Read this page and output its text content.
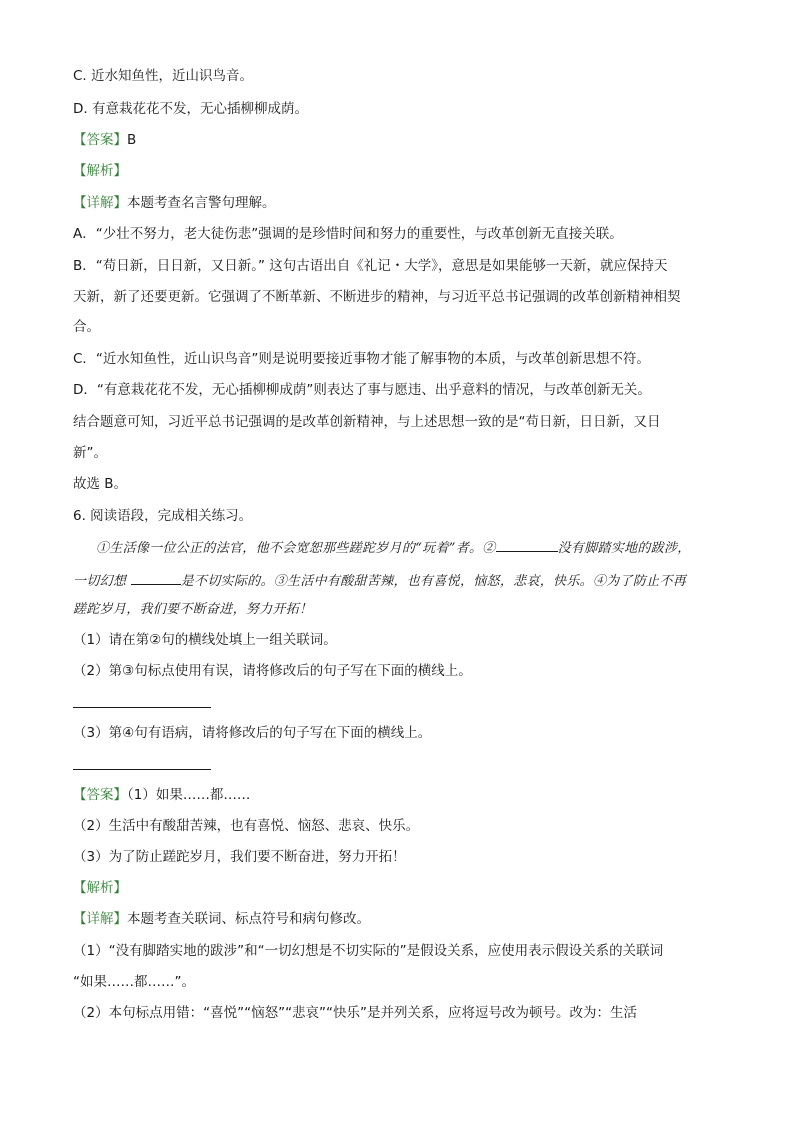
C. 近水知鱼性，近山识鸟音。
D. 有意栽花花不发，无心插柳柳成荫。
【答案】B
【解析】
【详解】本题考查名言警句理解。
A．“少壮不努力，老大徒伤悲”强调的是珍惜时间和努力的重要性，与改革创新无直接关联。
B．“苟日新，日日新，又日新。” 这句古语出自《礼记・大学》，意思是如果能够一天新，就应保持天
天新，新了还要更新。它强调了不断革新、不断进步的精神，与习近平总书记强调的改革创新精神相契
合。
C．“近水知鱼性，近山识鸟音”则是说明要接近事物才能了解事物的本质，与改革创新思想不符。
D．“有意栽花花不发，无心插柳柳成荫”则表达了事与愿违、出乎意料的情况，与改革创新无关。
结合题意可知，习近平总书记强调的是改革创新精神，与上述思想一致的是“苟日新，日日新，又日
新”。
故选 B。
6. 阅读语段，完成相关练习。
①生活像一位公正的法官，他不会宽恕那些蹉跎岁月的“玩着”者。②	没有脚踏实地的跋涉，
一切幻想	是不切实际的。③生活中有酸甜苦辣，也有喜悦，恼怒，悲哀，快乐。④为了防止不再
蹉跎岁月，我们要不断奋进，努力开拓！
（1）请在第②句的横线处填上一组关联词。
（2）第③句标点使用有误，请将修改后的句子写在下面的横线上。
（3）第④句有语病，请将修改后的句子写在下面的横线上。
【答案】（1）如果……都……
（2）生活中有酸甜苦辣，也有喜悦、恼怒、悲哀、快乐。
（3）为了防止蹉跎岁月，我们要不断奋进，努力开拓！
【解析】
【详解】本题考查关联词、标点符号和病句修改。
（1）“没有脚踏实地的跋涉”和“一切幻想是不切实际的”是假设关系，应使用表示假设关系的关联词
“如果……都……”。
（2）本句标点用错：“喜悦”“恼怒”“悲哀”“快乐”是并列关系，应将逗号改为顿号。改为：生活
